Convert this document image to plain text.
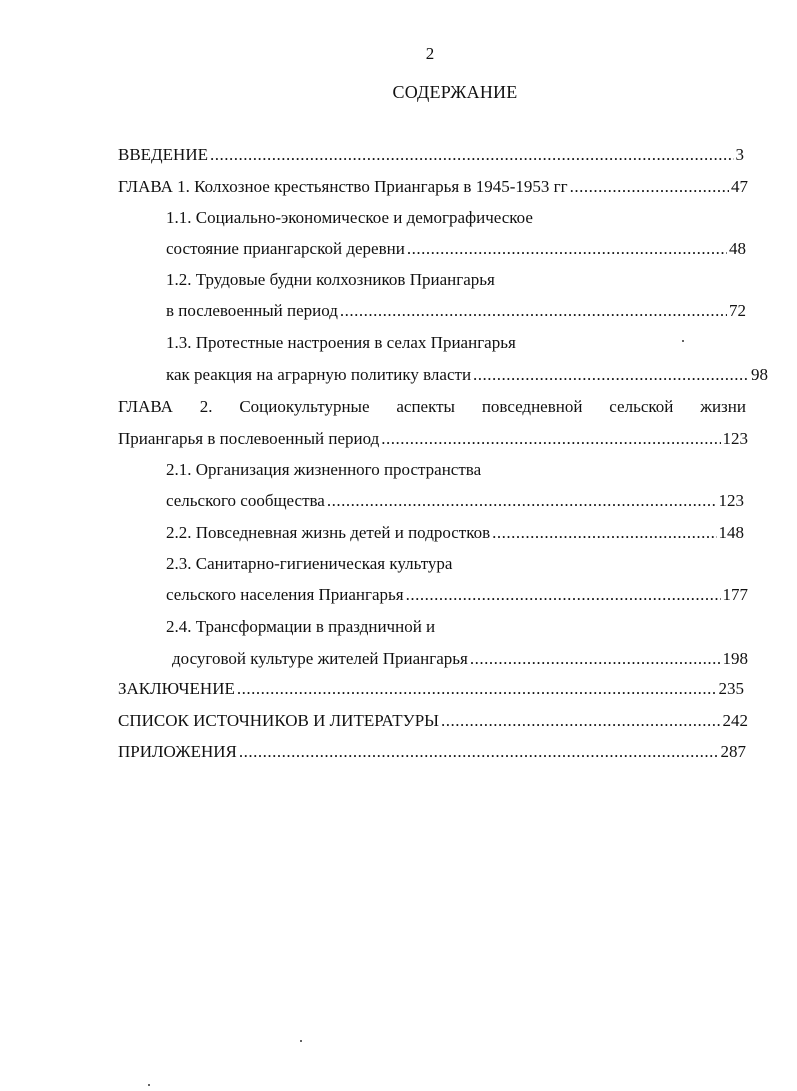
2
СОДЕРЖАНИЕ
ВВЕДЕНИЕ .....	3
ГЛАВА 1. Колхозное крестьянство Приангарья в 1945-1953 гг .....	47
1.1. Социально-экономическое и демографическое
состояние приангарской деревни .....	48
1.2. Трудовые будни колхозников Приангарья
в послевоенный период .....	72
1.3. Протестные настроения в селах Приангарья
как реакция на аграрную политику власти .....	98
ГЛАВА 2. Социокультурные аспекты повседневной сельской жизни
Приангарья в послевоенный период .....	123
2.1. Организация жизненного пространства
сельского сообщества .....	123
2.2. Повседневная жизнь детей и подростков .....	148
2.3. Санитарно-гигиеническая культура
сельского населения Приангарья .....	177
2.4. Трансформации в праздничной и
досуговой культуре жителей Приангарья .....	198
ЗАКЛЮЧЕНИЕ .....	235
СПИСОК ИСТОЧНИКОВ И ЛИТЕРАТУРЫ .....	242
ПРИЛОЖЕНИЯ .....	287
